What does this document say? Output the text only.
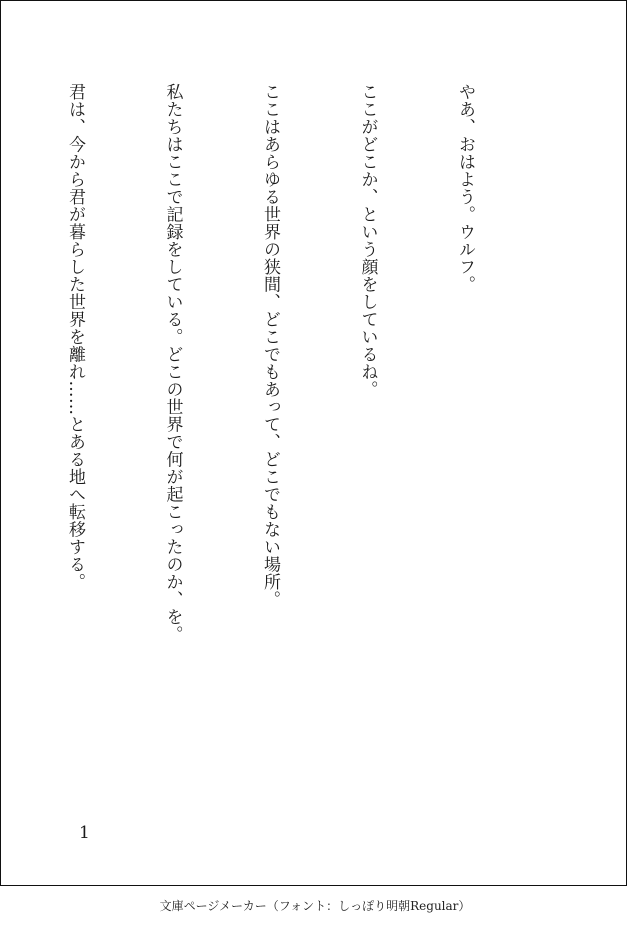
やあ、おはよう。ウルフ。

ここがどこか、という顔をしているね。

ここはあらゆる世界の狭間、どこでもあって、どこでもない場所。

私たちはここで記録をしている。どこの世界で何が起こったのか、を。

君は、今から君が暮らした世界を離れ……とある地へ転移する。

1
文庫ページメーカー（フォント：しっぽり明朝Regular）
